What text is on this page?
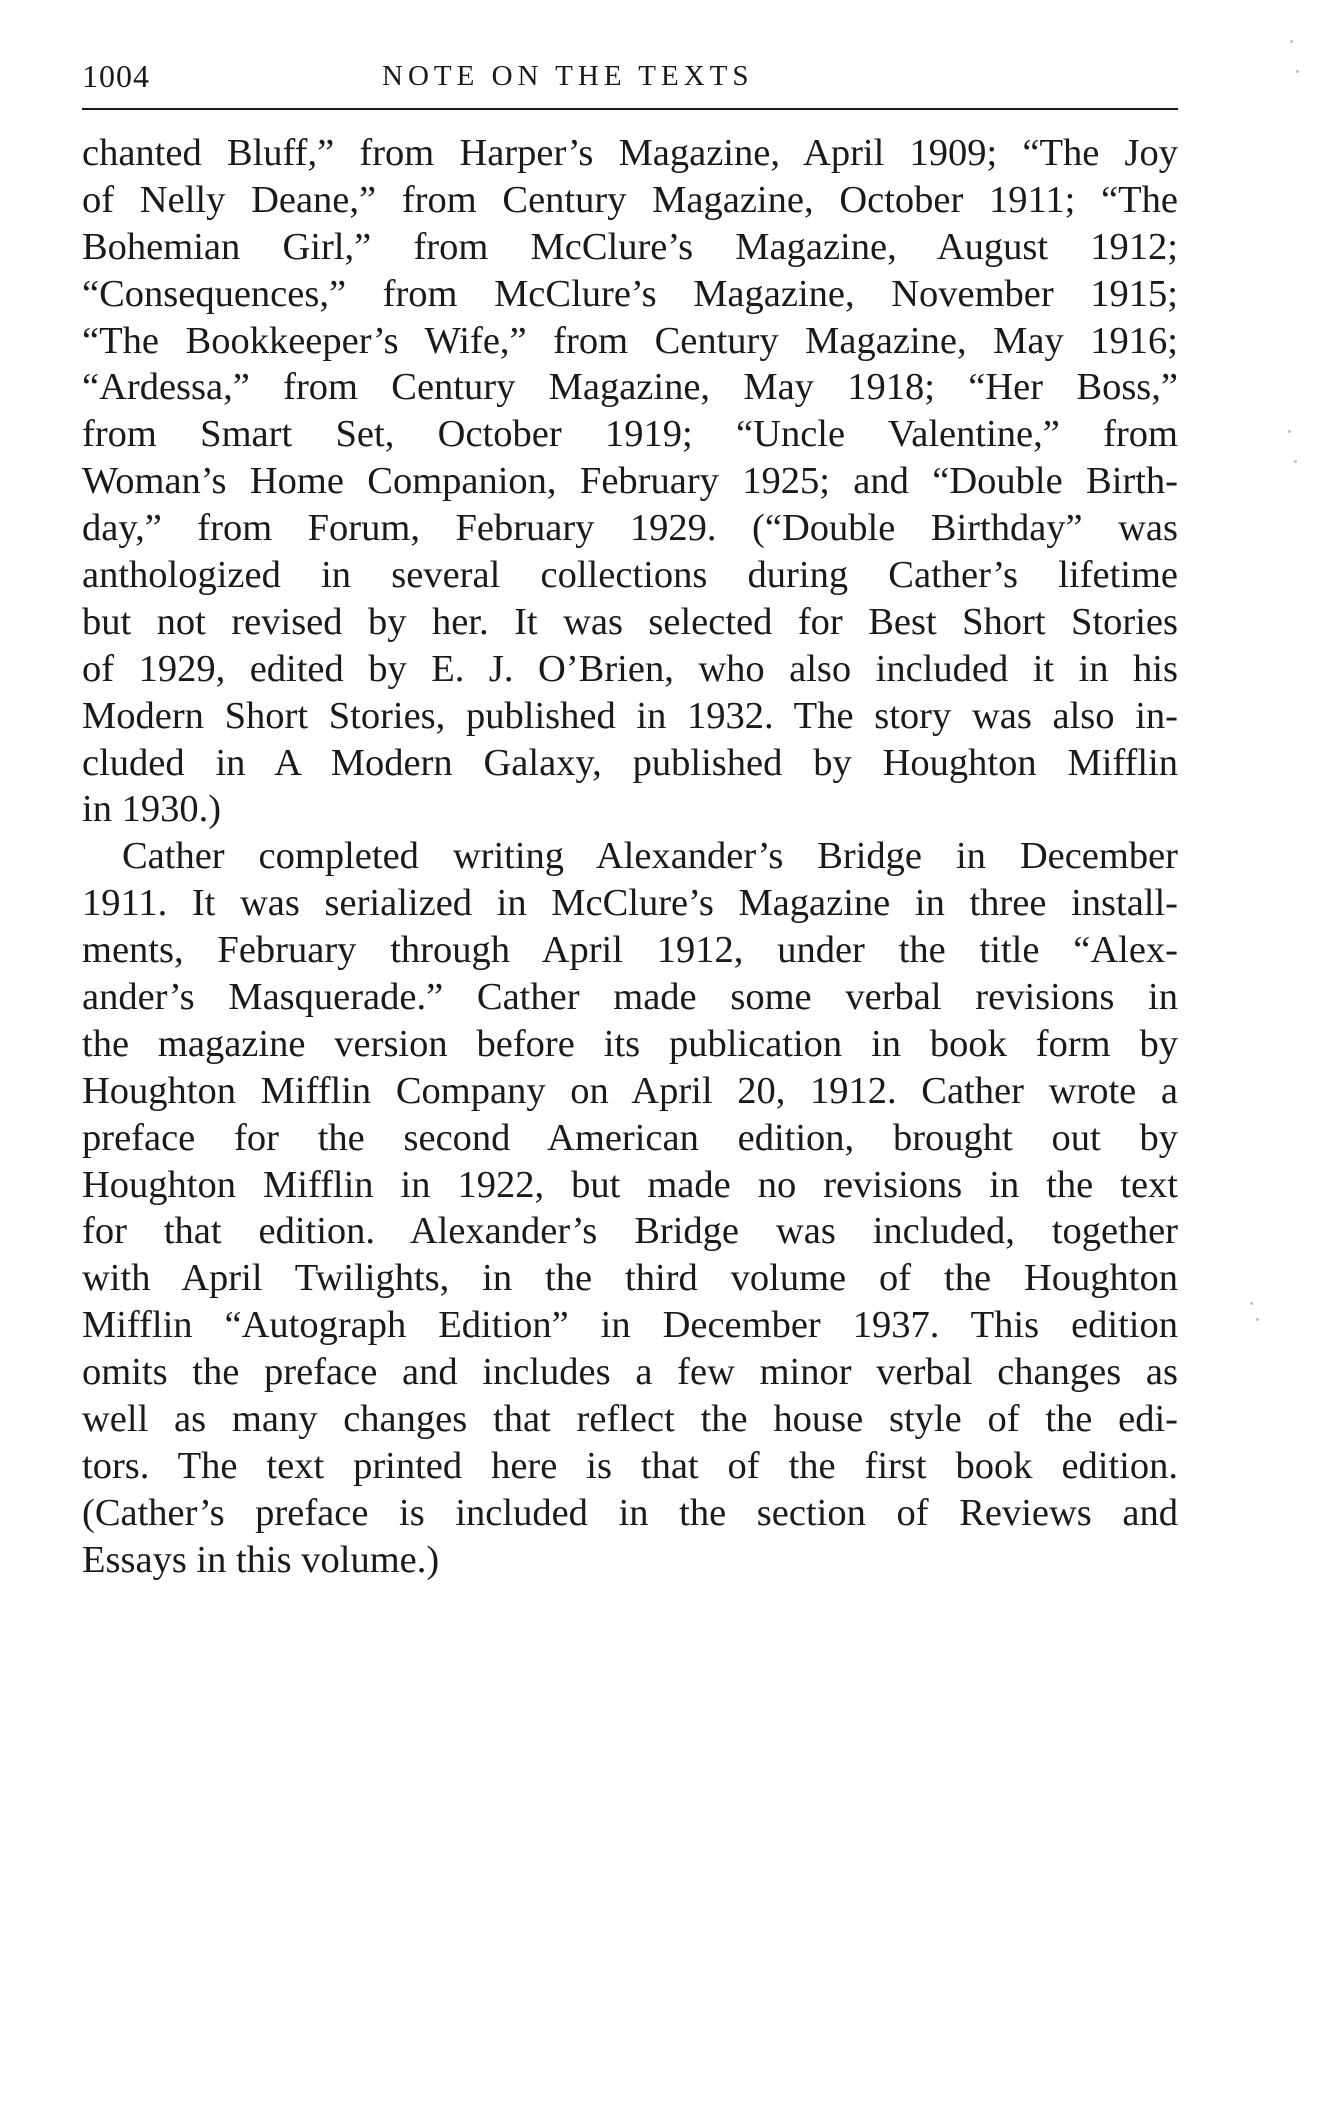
1004	NOTE ON THE TEXTS
chanted Bluff,” from Harper’s Magazine, April 1909; “The Joy
of Nelly Deane,” from Century Magazine, October 1911; “The
Bohemian Girl,” from McClure’s Magazine, August 1912;
“Consequences,” from McClure’s Magazine, November 1915;
“The Bookkeeper’s Wife,” from Century Magazine, May 1916;
“Ardessa,” from Century Magazine, May 1918; “Her Boss,”
from Smart Set, October 1919; “Uncle Valentine,” from
Woman’s Home Companion, February 1925; and “Double Birth-
day,” from Forum, February 1929. (“Double Birthday” was
anthologized in several collections during Cather’s lifetime
but not revised by her. It was selected for Best Short Stories
of 1929, edited by E. J. O’Brien, who also included it in his
Modern Short Stories, published in 1932. The story was also in-
cluded in A Modern Galaxy, published by Houghton Mifflin
in 1930.)
Cather completed writing Alexander’s Bridge in December
1911. It was serialized in McClure’s Magazine in three install-
ments, February through April 1912, under the title “Alex-
ander’s Masquerade.” Cather made some verbal revisions in
the magazine version before its publication in book form by
Houghton Mifflin Company on April 20, 1912. Cather wrote a
preface for the second American edition, brought out by
Houghton Mifflin in 1922, but made no revisions in the text
for that edition. Alexander’s Bridge was included, together
with April Twilights, in the third volume of the Houghton
Mifflin “Autograph Edition” in December 1937. This edition
omits the preface and includes a few minor verbal changes as
well as many changes that reflect the house style of the edi-
tors. The text printed here is that of the first book edition.
(Cather’s preface is included in the section of Reviews and
Essays in this volume.)
